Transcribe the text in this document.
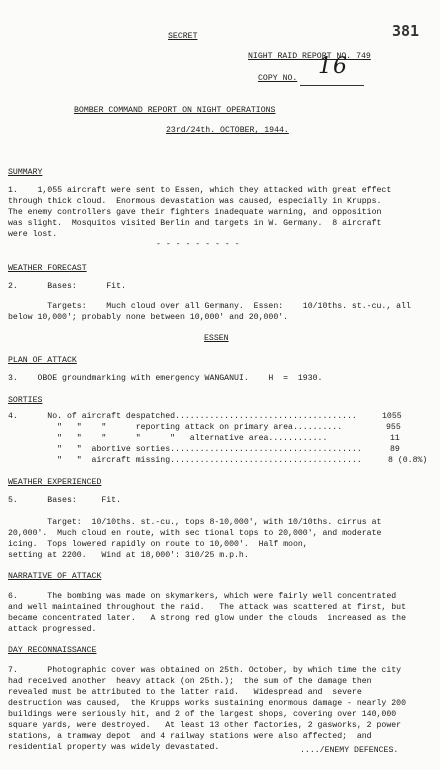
SECRET	381
NIGHT RAID REPORT NO. 749
COPY NO. 16
BOMBER COMMAND REPORT ON NIGHT OPERATIONS
23rd/24th. OCTOBER, 1944.
SUMMARY
1.    1,055 aircraft were sent to Essen, which they attacked with great effect
through thick cloud.  Enormous devastation was caused, especially in Krupps.
The enemy controllers gave their fighters inadequate warning, and opposition
was slight.  Mosquitos visited Berlin and targets in W. Germany.  8 aircraft
were lost.
- - - - - - - - -
WEATHER FORECAST
2.      Bases:      Fit.
Targets:    Much cloud over all Germany.  Essen:    10/10ths. st.-cu., all
below 10,000'; probably none between 10,000' and 20,000'.
ESSEN
PLAN OF ATTACK
3.    OBOE groundmarking with emergency WANGANUI.    H  =  1930.
SORTIES
4.      No. of aircraft despatched.....................................	1055
"   "    "      reporting attack on primary area..........	955
"   "    "      "      "   alternative area............	11
"   "  abortive sorties.......................................	89
"   "  aircraft missing.......................................	8 (0.8%)
WEATHER EXPERIENCED
5.      Bases:     Fit.
Target:  10/10ths. st.-cu., tops 8-10,000', with 10/10ths. cirrus at
20,000'.  Much cloud en route, with sec tional tops to 20,000', and moderate
icing.  Tops lowered rapidly on route to 10,000'.  Half moon,
setting at 2200.   Wind at 18,000': 310/25 m.p.h.
NARRATIVE OF ATTACK
6.      The bombing was made on skymarkers, which were fairly well concentrated
and well maintained throughout the raid.   The attack was scattered at first, but
became concentrated later.   A strong red glow under the clouds  increased as the
attack progressed.
DAY RECONNAISSANCE
7.      Photographic cover was obtained on 25th. October, by which time the city
had received another  heavy attack (on 25th.);  the sum of the damage then
revealed must be attributed to the latter raid.   Widespread and  severe
destruction was caused,  the Krupps works sustaining enormous damage - nearly 200
buildings were seriously hit, and 2 of the largest shops, covering over 140,000
square yards, were destroyed.   At least 13 other factories, 2 gasworks, 2 power
stations, a tramway depot  and 4 railway stations were also affected;  and
residential property was widely devastated.	..../ENEMY DEFENCES.
